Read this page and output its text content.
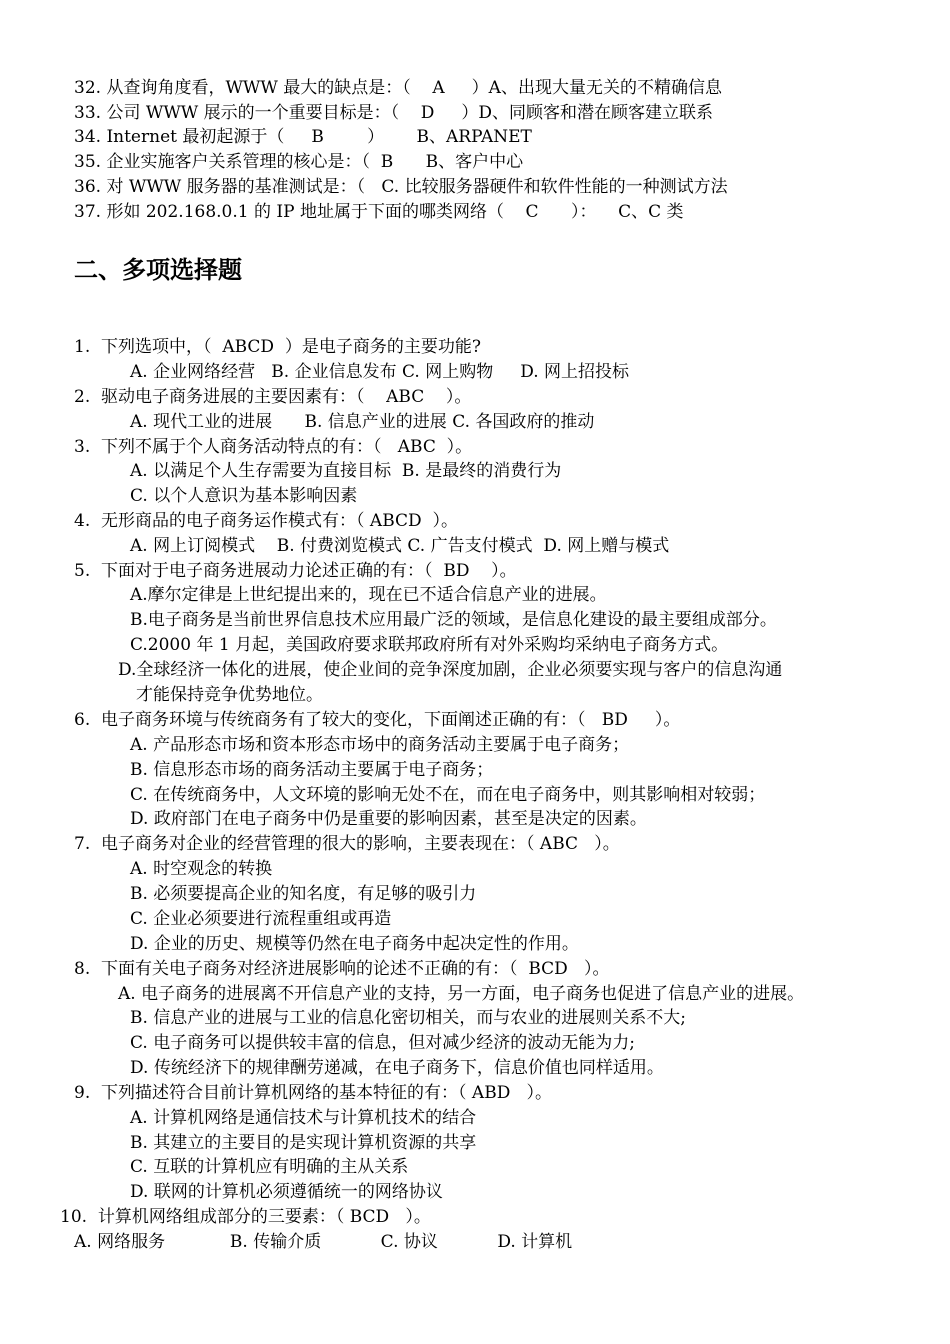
32. 从查询角度看，WWW 最大的缺点是：（    A     ）A、出现大量无关的不精确信息
33. 公司 WWW 展示的一个重要目标是：（    D     ）D、同顾客和潜在顾客建立联系
34. Internet 最初起源于（     B        ）      B、ARPANET
35. 企业实施客户关系管理的核心是：（  B      B、客户中心
36. 对 WWW 服务器的基准测试是：（   C. 比较服务器硬件和软件性能的一种测试方法
37. 形如 202.168.0.1 的 IP 地址属于下面的哪类网络（    C      ）：    C、C 类
二、多项选择题
1.  下列选项中，（  ABCD  ）是电子商务的主要功能?
A. 企业网络经营   B. 企业信息发布 C. 网上购物     D. 网上招投标
2.  驱动电子商务进展的主要因素有：（    ABC    ）。
A. 现代工业的进展      B. 信息产业的进展 C. 各国政府的推动
3.  下列不属于个人商务活动特点的有：（   ABC  ）。
A. 以满足个人生存需要为直接目标  B. 是最终的消费行为
C. 以个人意识为基本影响因素
4.  无形商品的电子商务运作模式有：（ ABCD  ）。
A. 网上订阅模式    B. 付费浏览模式 C. 广告支付模式  D. 网上赠与模式
5.  下面对于电子商务进展动力论述正确的有：（  BD    ）。
A.摩尔定律是上世纪提出来的，现在已不适合信息产业的进展。
B.电子商务是当前世界信息技术应用最广泛的领域，是信息化建设的最主要组成部分。
C.2000 年 1 月起，美国政府要求联邦政府所有对外采购均采纳电子商务方式。
D.全球经济一体化的进展，使企业间的竞争深度加剧，企业必须要实现与客户的信息沟通
才能保持竞争优势地位。
6.  电子商务环境与传统商务有了较大的变化，下面阐述正确的有：（   BD     ）。
A. 产品形态市场和资本形态市场中的商务活动主要属于电子商务；
B. 信息形态市场的商务活动主要属于电子商务；
C. 在传统商务中，人文环境的影响无处不在，而在电子商务中，则其影响相对较弱；
D. 政府部门在电子商务中仍是重要的影响因素，甚至是决定的因素。
7.  电子商务对企业的经营管理的很大的影响，主要表现在：（ ABC   ）。
A. 时空观念的转换
B. 必须要提高企业的知名度，有足够的吸引力
C. 企业必须要进行流程重组或再造
D. 企业的历史、规模等仍然在电子商务中起决定性的作用。
8.  下面有关电子商务对经济进展影响的论述不正确的有：（  BCD   ）。
A. 电子商务的进展离不开信息产业的支持，另一方面，电子商务也促进了信息产业的进展。
B. 信息产业的进展与工业的信息化密切相关，而与农业的进展则关系不大;
C. 电子商务可以提供较丰富的信息，但对减少经济的波动无能为力;
D. 传统经济下的规律酬劳递减，在电子商务下，信息价值也同样适用。
9.  下列描述符合目前计算机网络的基本特征的有：（ ABD   ）。
A. 计算机网络是通信技术与计算机技术的结合
B. 其建立的主要目的是实现计算机资源的共享
C. 互联的计算机应有明确的主从关系
D. 联网的计算机必须遵循统一的网络协议
10.  计算机网络组成部分的三要素：（ BCD   ）。
A. 网络服务            B. 传输介质           C. 协议           D. 计算机
